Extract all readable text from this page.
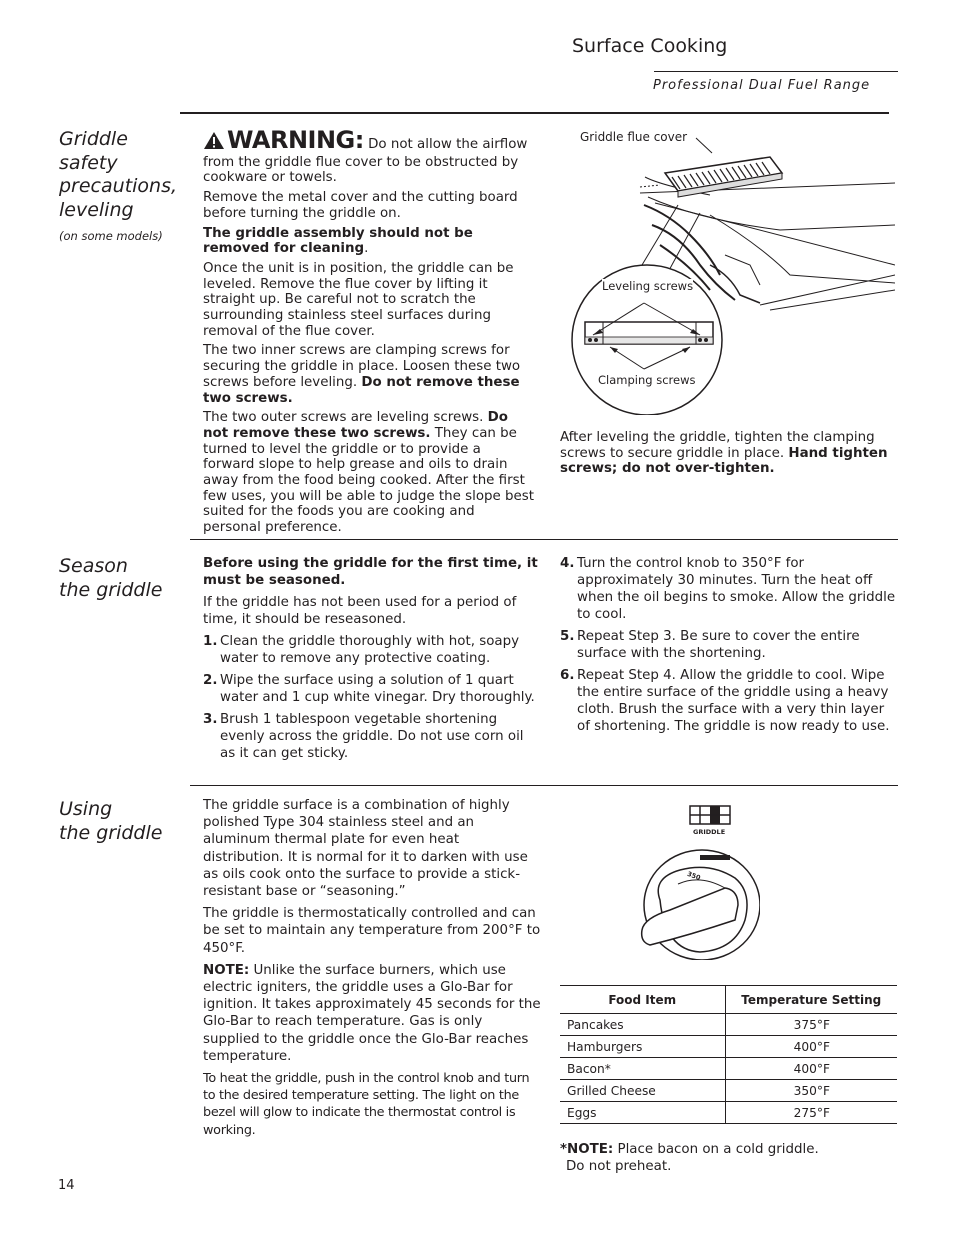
Surface Cooking
Professional Dual Fuel Range
Griddle
safety
precautions,
leveling
(on some models)

WARNING: Do not allow the airflow from the griddle flue cover to be obstructed by cookware or towels.

Remove the metal cover and the cutting board before turning the griddle on.

The griddle assembly should not be removed for cleaning.

Once the unit is in position, the griddle can be leveled. Remove the flue cover by lifting it straight up. Be careful not to scratch the surrounding stainless steel surfaces during removal of the flue cover.

The two inner screws are clamping screws for securing the griddle in place. Loosen these two screws before leveling. Do not remove these two screws.

The two outer screws are leveling screws. Do not remove these two screws. They can be turned to level the griddle or to provide a forward slope to help grease and oils to drain away from the food being cooked. After the first few uses, you will be able to judge the slope best suited for the foods you are cooking and personal preference.

Griddle flue cover
Leveling screws
Clamping screws
After leveling the griddle, tighten the clamping screws to secure griddle in place. Hand tighten screws; do not over-tighten.
Season
the griddle

Before using the griddle for the first time, it must be seasoned.

If the griddle has not been used for a period of time, it should be reseasoned.

1. Clean the griddle thoroughly with hot, soapy water to remove any protective coating.
2. Wipe the surface using a solution of 1 quart water and 1 cup white vinegar. Dry thoroughly.
3. Brush 1 tablespoon vegetable shortening evenly across the griddle. Do not use corn oil as it can get sticky.
4. Turn the control knob to 350°F for approximately 30 minutes. Turn the heat off when the oil begins to smoke. Allow the griddle to cool.
5. Repeat Step 3. Be sure to cover the entire surface with the shortening.
6. Repeat Step 4. Allow the griddle to cool. Wipe the entire surface of the griddle using a heavy cloth. Brush the surface with a very thin layer of shortening. The griddle is now ready to use.
Using
the griddle

The griddle surface is a combination of highly polished Type 304 stainless steel and an aluminum thermal plate for even heat distribution. It is normal for it to darken with use as oils cook onto the surface to provide a stick-resistant base or “seasoning.”

The griddle is thermostatically controlled and can be set to maintain any temperature from 200°F to 450°F.

NOTE: Unlike the surface burners, which use electric igniters, the griddle uses a Glo-Bar for ignition. It takes approximately 45 seconds for the Glo-Bar to reach temperature. Gas is only supplied to the griddle once the Glo-Bar reaches temperature.

To heat the griddle, push in the control knob and turn to the desired temperature setting. The light on the bezel will glow to indicate the thermostat control is working.

GRIDDLE
350
Food Item	Temperature Setting
Pancakes	375°F
Hamburgers	400°F
Bacon*	400°F
Grilled Cheese	350°F
Eggs	275°F
*NOTE: Place bacon on a cold griddle.
Do not preheat.
14
